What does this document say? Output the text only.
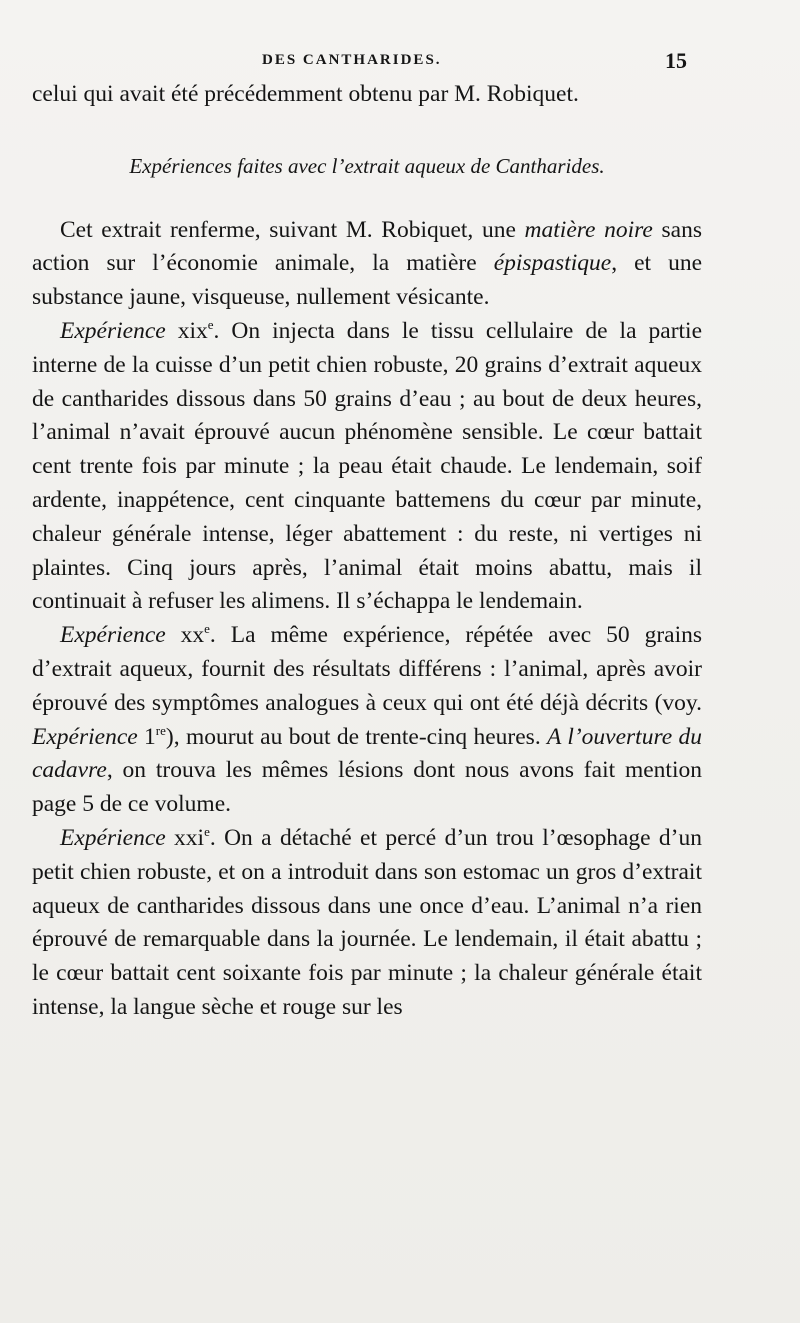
DES CANTHARIDES.	15

celui qui avait été précédemment obtenu par M. Robiquet.

Expériences faites avec l’extrait aqueux de Cantharides.

Cet extrait renferme, suivant M. Robiquet, une matière noire sans action sur l’économie animale, la matière épispastique, et une substance jaune, visqueuse, nullement vésicante.

Expérience xix$^e$. On injecta dans le tissu cellulaire de la partie interne de la cuisse d’un petit chien robuste, 20 grains d’extrait aqueux de cantharides dissous dans 50 grains d’eau ; au bout de deux heures, l’animal n’avait éprouvé aucun phénomène sensible. Le cœur battait cent trente fois par minute ; la peau était chaude. Le lendemain, soif ardente, inappétence, cent cinquante battemens du cœur par minute, chaleur générale intense, léger abattement : du reste, ni vertiges ni plaintes. Cinq jours après, l’animal était moins abattu, mais il continuait à refuser les alimens. Il s’échappa le lendemain.

Expérience $xx^e$. La même expérience, répétée avec 50 grains d’extrait aqueux, fournit des résultats différens : l’animal, après avoir éprouvé des symptômes analogues à ceux qui ont été déjà décrits (voy. Expérience 1re), mourut au bout de trente-cinq heures. A l’ouverture du cadavre, on trouva les mêmes lésions dont nous avons fait mention page 5 de ce volume.

Expérience xxi$^e$. On a détaché et percé d’un trou l’œsophage d’un petit chien robuste, et on a introduit dans son estomac un gros d’extrait aqueux de cantharides dissous dans une once d’eau. L’animal n’a rien éprouvé de remarquable dans la journée. Le lendemain, il était abattu ; le cœur battait cent soixante fois par minute ; la chaleur générale était intense, la langue sèche et rouge sur les
